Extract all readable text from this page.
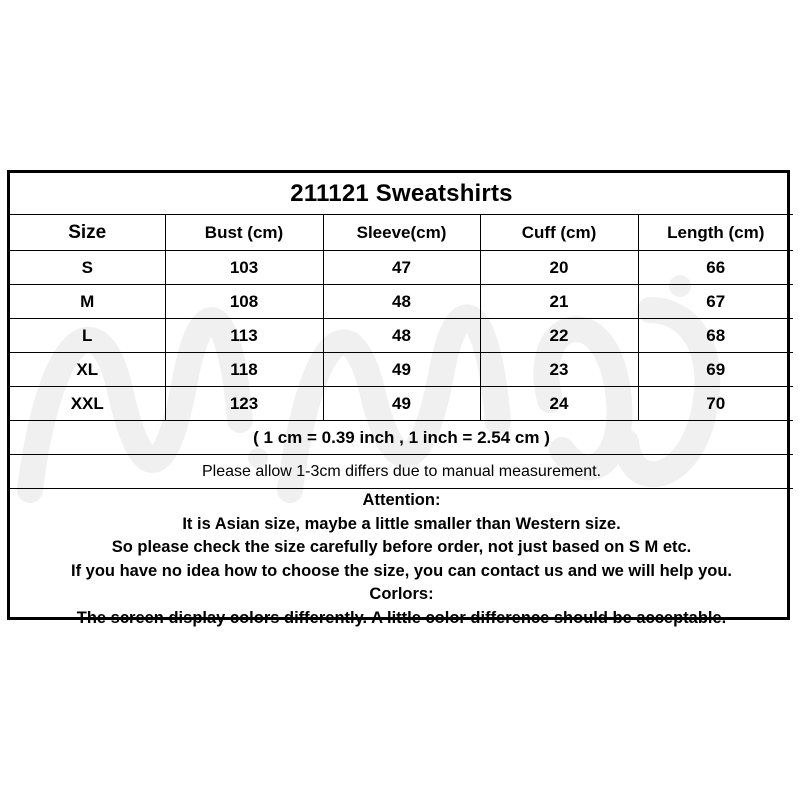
211121 Sweatshirts				
Size	Bust (cm)	Sleeve(cm)	Cuff (cm)	Length (cm)
S	103	47	20	66
M	108	48	21	67
L	113	48	22	68
XL	118	49	23	69
XXL	123	49	24	70
( 1 cm = 0.39 inch , 1 inch = 2.54 cm )				
Please allow 1-3cm differs due to manual measurement.				

Attention:
It is Asian size, maybe a little smaller than Western size.
So please check the size carefully before order, not just based on S M etc.
If you have no idea how to choose the size, you can contact us and we will help you.
Corlors:
The screen display colors differently. A little color difference should be acceptable.
